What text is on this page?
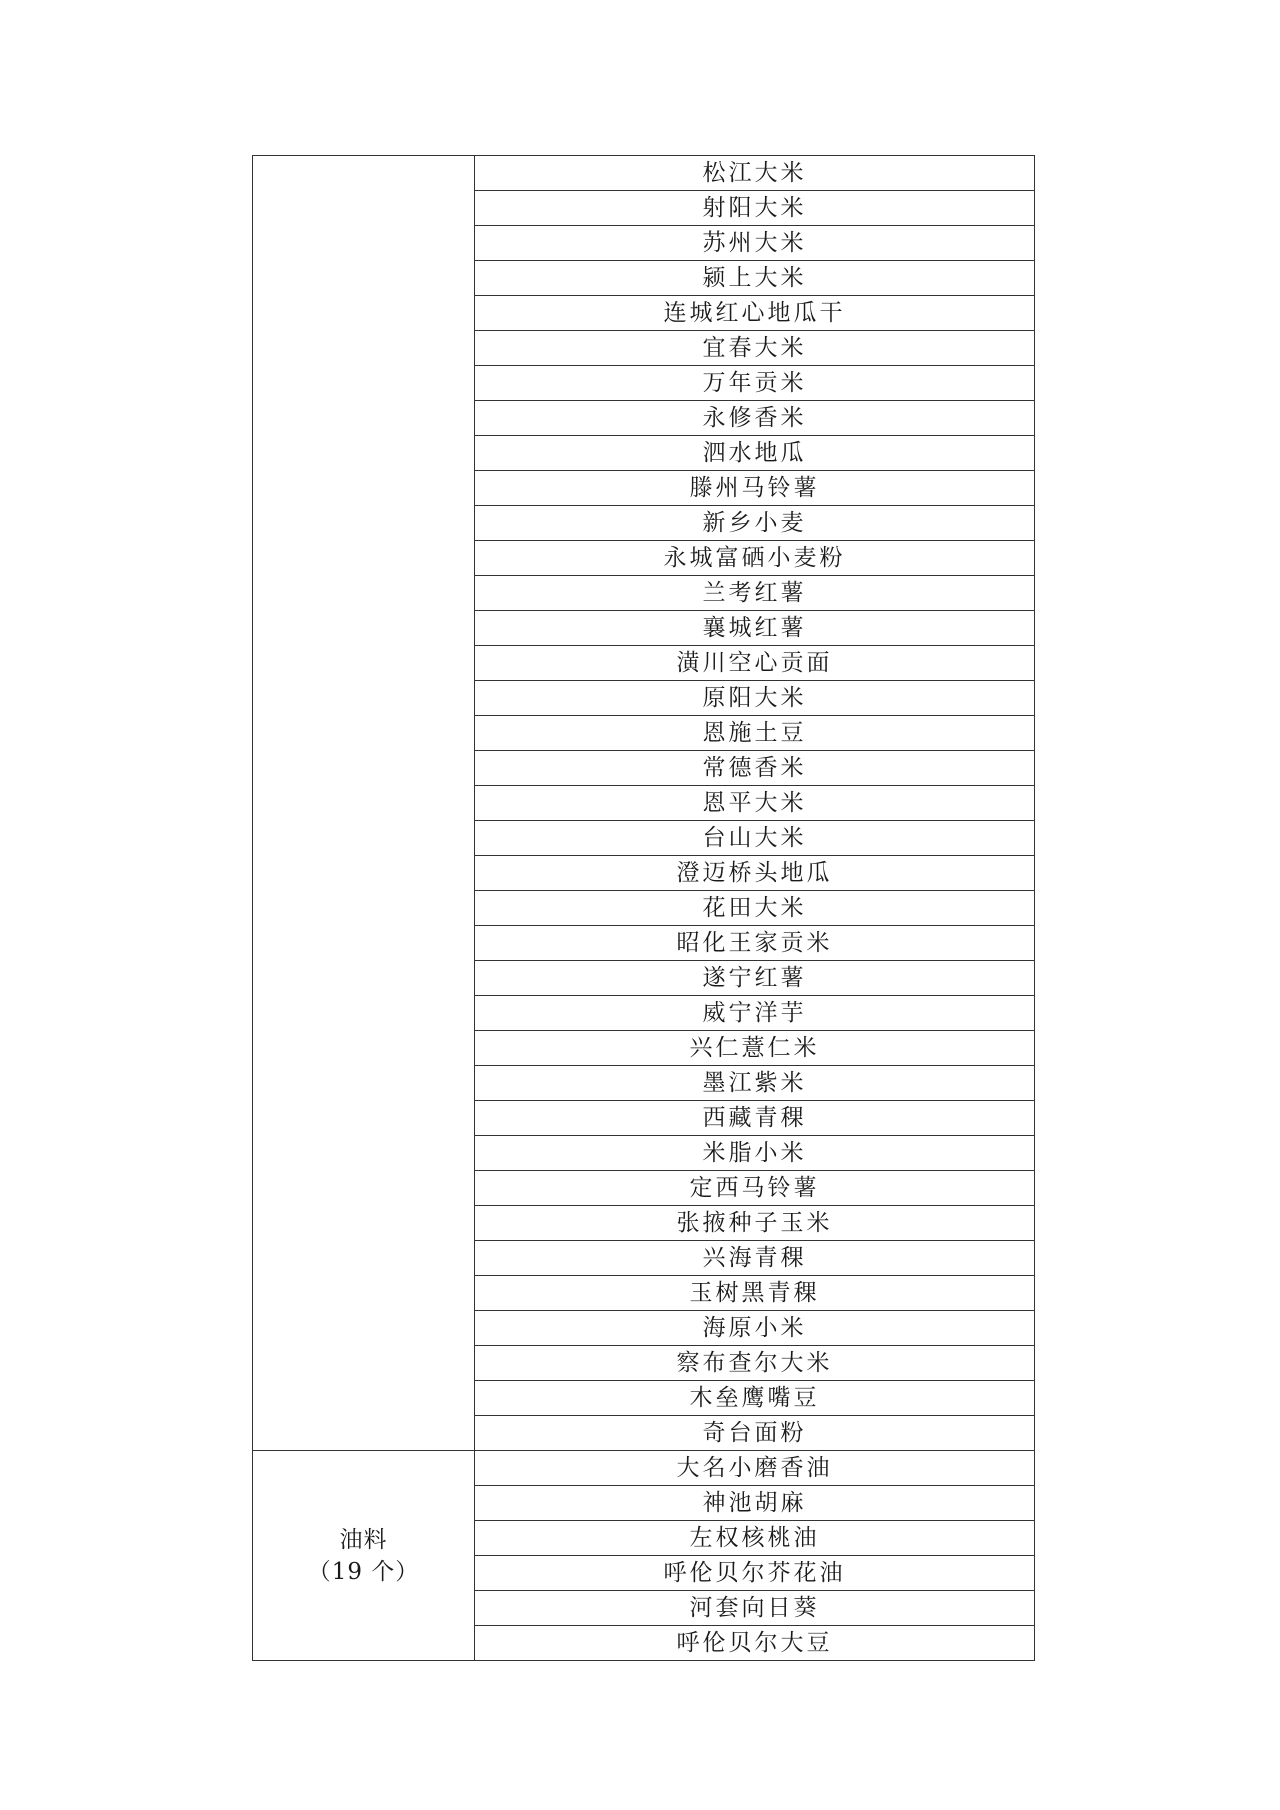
	松江大米
	射阳大米
	苏州大米
	颍上大米
	连城红心地瓜干
	宜春大米
	万年贡米
	永修香米
	泗水地瓜
	滕州马铃薯
	新乡小麦
	永城富硒小麦粉
	兰考红薯
	襄城红薯
	潢川空心贡面
	原阳大米
	恩施土豆
	常德香米
	恩平大米
	台山大米
	澄迈桥头地瓜
	花田大米
	昭化王家贡米
	遂宁红薯
	威宁洋芋
	兴仁薏仁米
	墨江紫米
	西藏青稞
	米脂小米
	定西马铃薯
	张掖种子玉米
	兴海青稞
	玉树黑青稞
	海原小米
	察布查尔大米
	木垒鹰嘴豆
	奇台面粉

油料
（19 个）	大名小磨香油
	神池胡麻
	左权核桃油
	呼伦贝尔芥花油
	河套向日葵
	呼伦贝尔大豆
